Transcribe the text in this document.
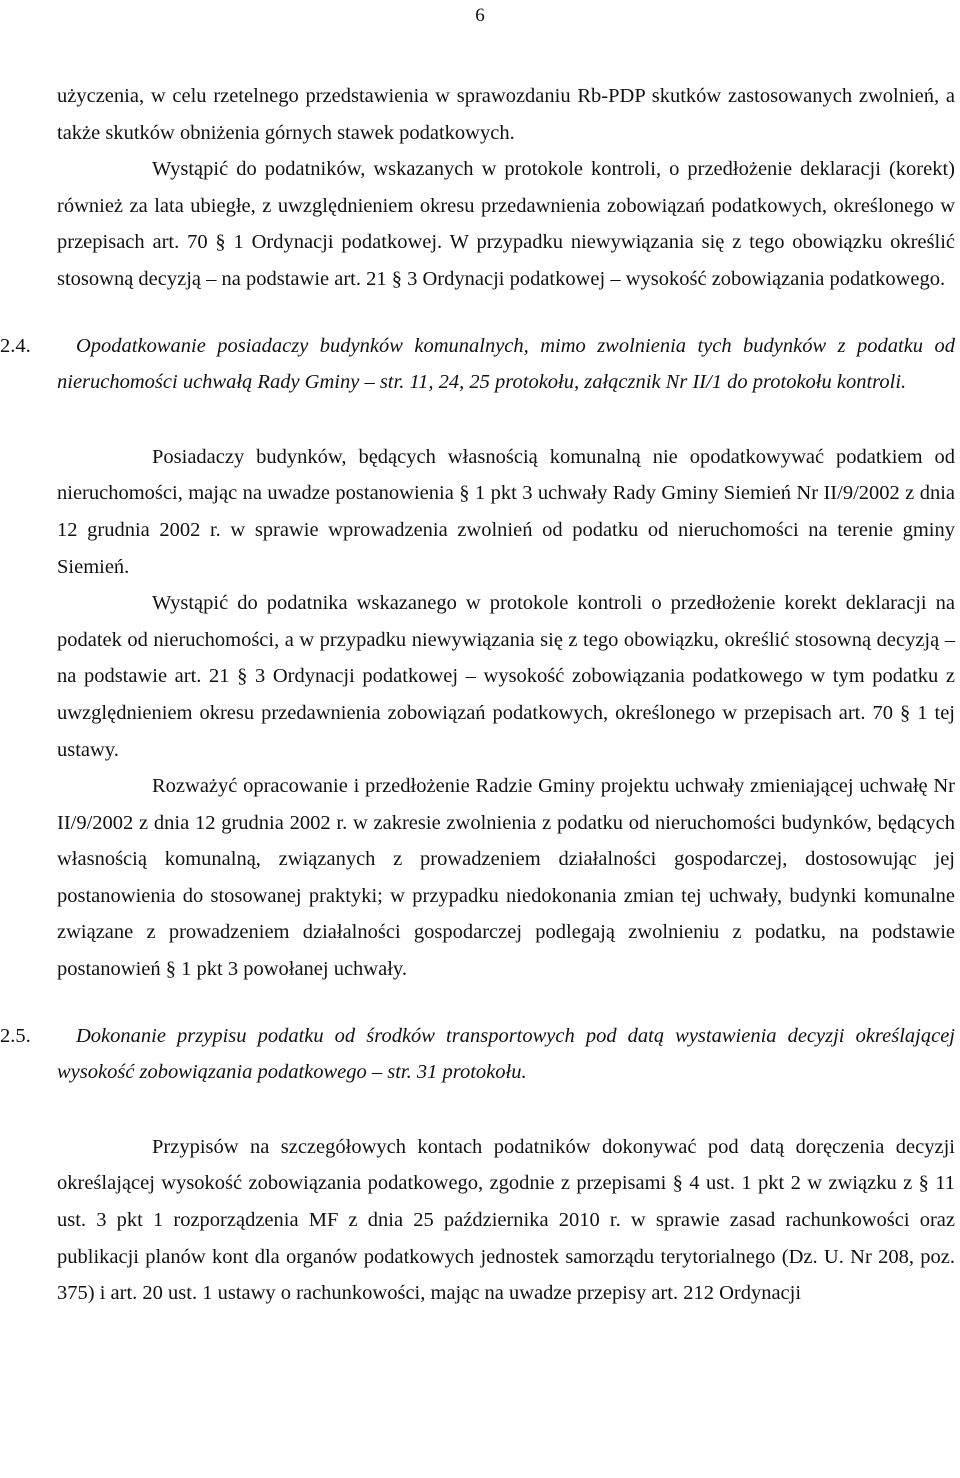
6

użyczenia, w celu rzetelnego przedstawienia w sprawozdaniu Rb-PDP skutków zastosowanych zwolnień, a także skutków obniżenia górnych stawek podatkowych.

Wystąpić do podatników, wskazanych w protokole kontroli, o przedłożenie deklaracji (korekt) również za lata ubiegłe, z uwzględnieniem okresu przedawnienia zobowiązań podatkowych, określonego w przepisach art. 70 § 1 Ordynacji podatkowej. W przypadku niewywiązania się z tego obowiązku określić stosowną decyzją – na podstawie art. 21 § 3 Ordynacji podatkowej – wysokość zobowiązania podatkowego.

2.4.	Opodatkowanie posiadaczy budynków komunalnych, mimo zwolnienia tych budynków z podatku od nieruchomości uchwałą Rady Gminy – str. 11, 24, 25 protokołu, załącznik Nr II/1 do protokołu kontroli.

Posiadaczy budynków, będących własnością komunalną nie opodatkowywać podatkiem od nieruchomości, mając na uwadze postanowienia § 1 pkt 3 uchwały Rady Gminy Siemień Nr II/9/2002 z dnia 12 grudnia 2002 r. w sprawie wprowadzenia zwolnień od podatku od nieruchomości na terenie gminy Siemień.

Wystąpić do podatnika wskazanego w protokole kontroli o przedłożenie korekt deklaracji na podatek od nieruchomości, a w przypadku niewywiązania się z tego obowiązku, określić stosowną decyzją – na podstawie art. 21 § 3 Ordynacji podatkowej – wysokość zobowiązania podatkowego w tym podatku z uwzględnieniem okresu przedawnienia zobowiązań podatkowych, określonego w przepisach art. 70 § 1 tej ustawy.

Rozważyć opracowanie i przedłożenie Radzie Gminy projektu uchwały zmieniającej uchwałę Nr II/9/2002 z dnia 12 grudnia 2002 r. w zakresie zwolnienia z podatku od nieruchomości budynków, będących własnością komunalną, związanych z prowadzeniem działalności gospodarczej, dostosowując jej postanowienia do stosowanej praktyki; w przypadku niedokonania zmian tej uchwały, budynki komunalne związane z prowadzeniem działalności gospodarczej podlegają zwolnieniu z podatku, na podstawie postanowień § 1 pkt 3 powołanej uchwały.

2.5.	Dokonanie przypisu podatku od środków transportowych pod datą wystawienia decyzji określającej wysokość zobowiązania podatkowego – str. 31 protokołu.

Przypisów na szczegółowych kontach podatników dokonywać pod datą doręczenia decyzji określającej wysokość zobowiązania podatkowego, zgodnie z przepisami § 4 ust. 1 pkt 2 w związku z § 11 ust. 3 pkt 1 rozporządzenia MF z dnia 25 października 2010 r. w sprawie zasad rachunkowości oraz publikacji planów kont dla organów podatkowych jednostek samorządu terytorialnego (Dz. U. Nr 208, poz. 375) i art. 20 ust. 1 ustawy o rachunkowości, mając na uwadze przepisy art. 212 Ordynacji
